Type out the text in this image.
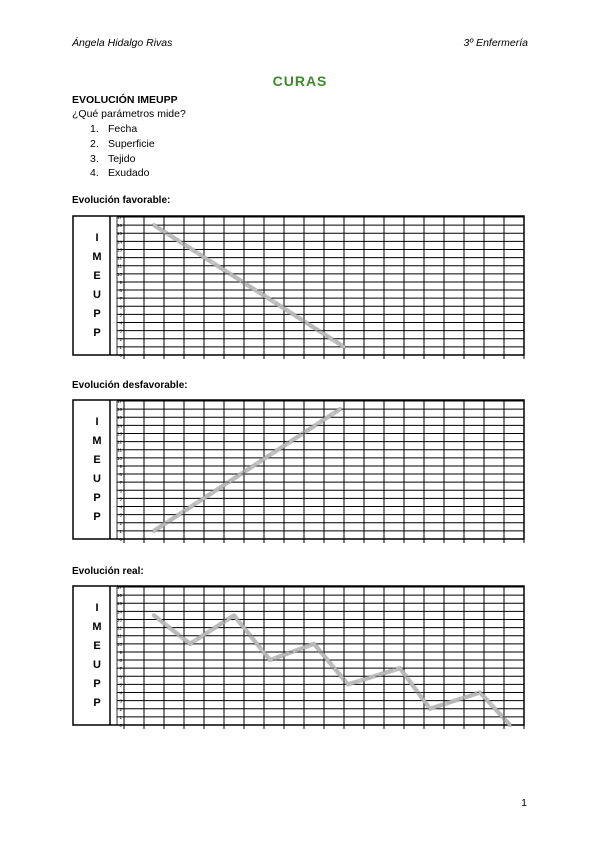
Ángela Hidalgo Rivas	3º Enfermería
CURAS
EVOLUCIÓN IMEUPP
¿Qué parámetros mide?
1. Fecha
2. Superficie
3. Tejido
4. Exudado
Evolución favorable:
0
1
2
3
4
5
6
7
8
9
10
11
12
13
14
15
16
17
I
M
E
U
P
P
Evolución desfavorable:
0
1
2
3
4
5
6
7
8
9
10
11
12
13
14
15
16
17
I
M
E
U
P
P
Evolución real:
0
1
2
3
4
5
6
7
8
9
10
11
12
13
14
15
16
17
I
M
E
U
P
P
1
